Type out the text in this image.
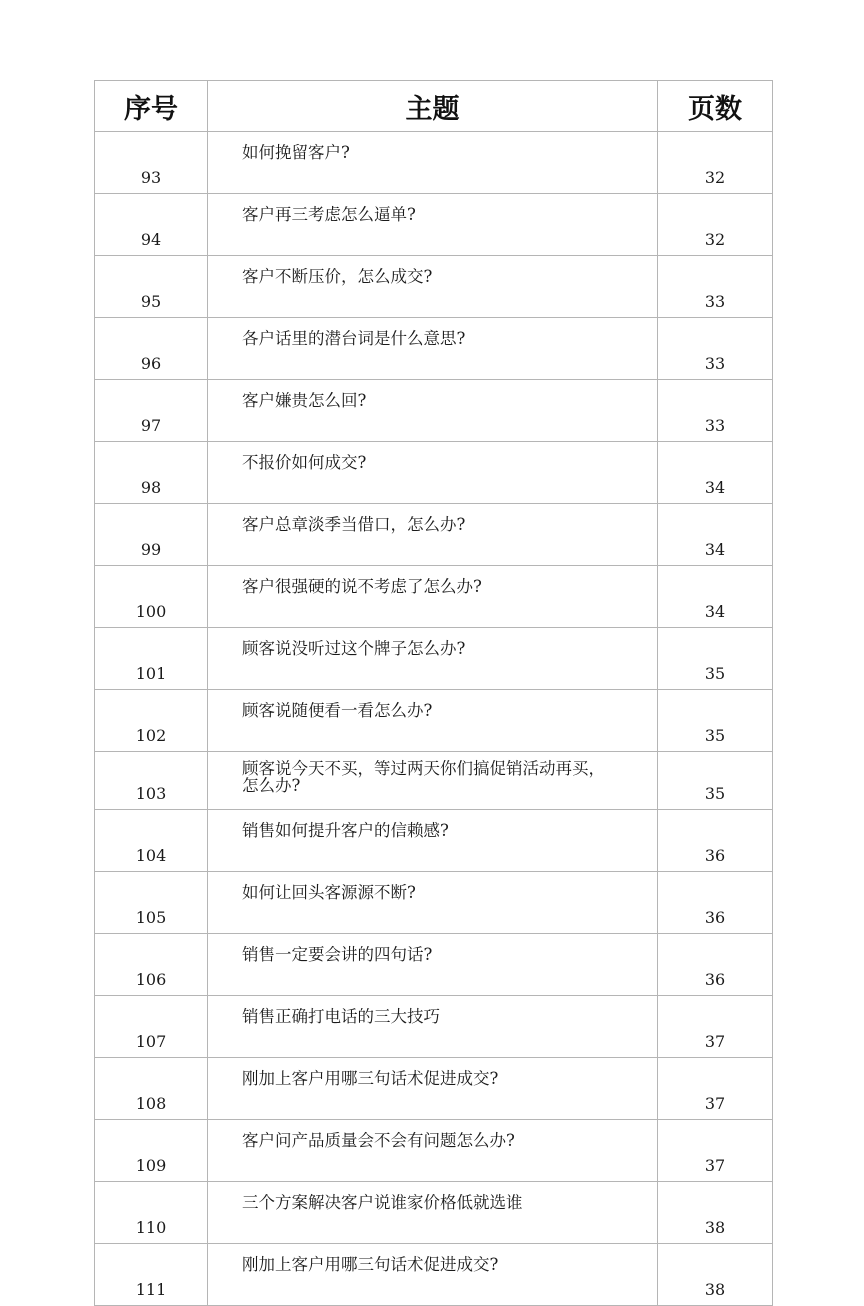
序号	主题	页数
93	如何挽留客户?	32
94	客户再三考虑怎么逼单?	32
95	客户不断压价，怎么成交?	33
96	各户话里的潜台词是什么意思?	33
97	客户嫌贵怎么回?	33
98	不报价如何成交?	34
99	客户总章淡季当借口，怎么办?	34
100	客户很强硬的说不考虑了怎么办?	34
101	顾客说没听过这个牌子怎么办?	35
102	顾客说随便看一看怎么办?	35
103	顾客说今天不买，等过两天你们搞促销活动再买，怎么办?	35
104	销售如何提升客户的信赖感?	36
105	如何让回头客源源不断?	36
106	销售一定要会讲的四句话?	36
107	销售正确打电话的三大技巧	37
108	刚加上客户用哪三句话术促进成交?	37
109	客户问产品质量会不会有问题怎么办?	37
110	三个方案解决客户说谁家价格低就选谁	38
111	刚加上客户用哪三句话术促进成交?	38
